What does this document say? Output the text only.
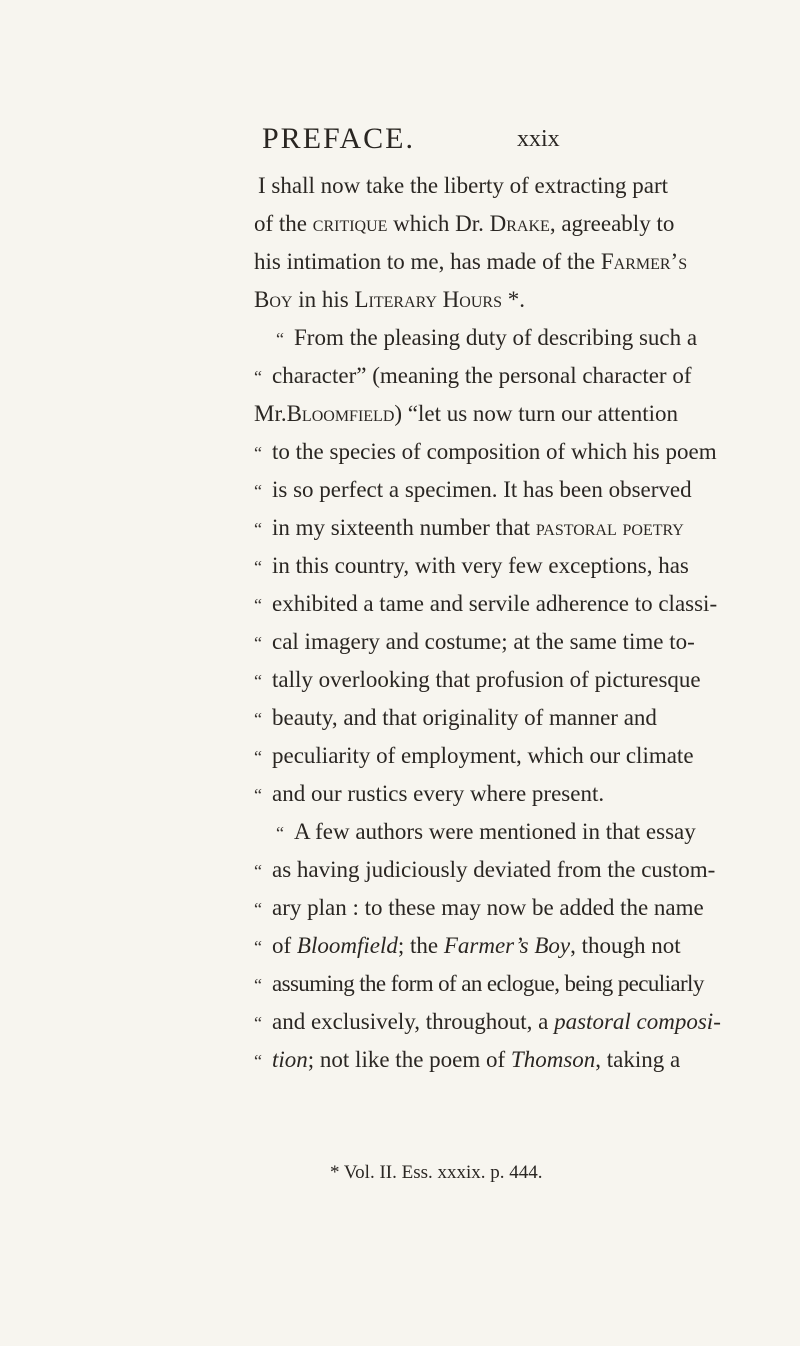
PREFACE.	xxix
I shall now take the liberty of extracting part
of the critique which Dr. Drake, agreeably to
his intimation to me, has made of the Farmer’s
Boy in his Literary Hours *.
“ From the pleasing duty of describing such a
“ character” (meaning the personal character of
Mr.Bloomfield) “let us now turn our attention
“ to the species of composition of which his poem
“ is so perfect a specimen. It has been observed
“ in my sixteenth number that pastoral poetry
“ in this country, with very few exceptions, has
“ exhibited a tame and servile adherence to classi-
“ cal imagery and costume; at the same time to-
“ tally overlooking that profusion of picturesque
“ beauty, and that originality of manner and
“ peculiarity of employment, which our climate
“ and our rustics every where present.
“ A few authors were mentioned in that essay
“ as having judiciously deviated from the custom-
“ ary plan : to these may now be added the name
“ of Bloomfield; the Farmer’s Boy, though not
“ assuming the form of an eclogue, being peculiarly
“ and exclusively, throughout, a pastoral composi-
“ tion; not like the poem of Thomson, taking a
* Vol. II. Ess. xxxix. p. 444.
